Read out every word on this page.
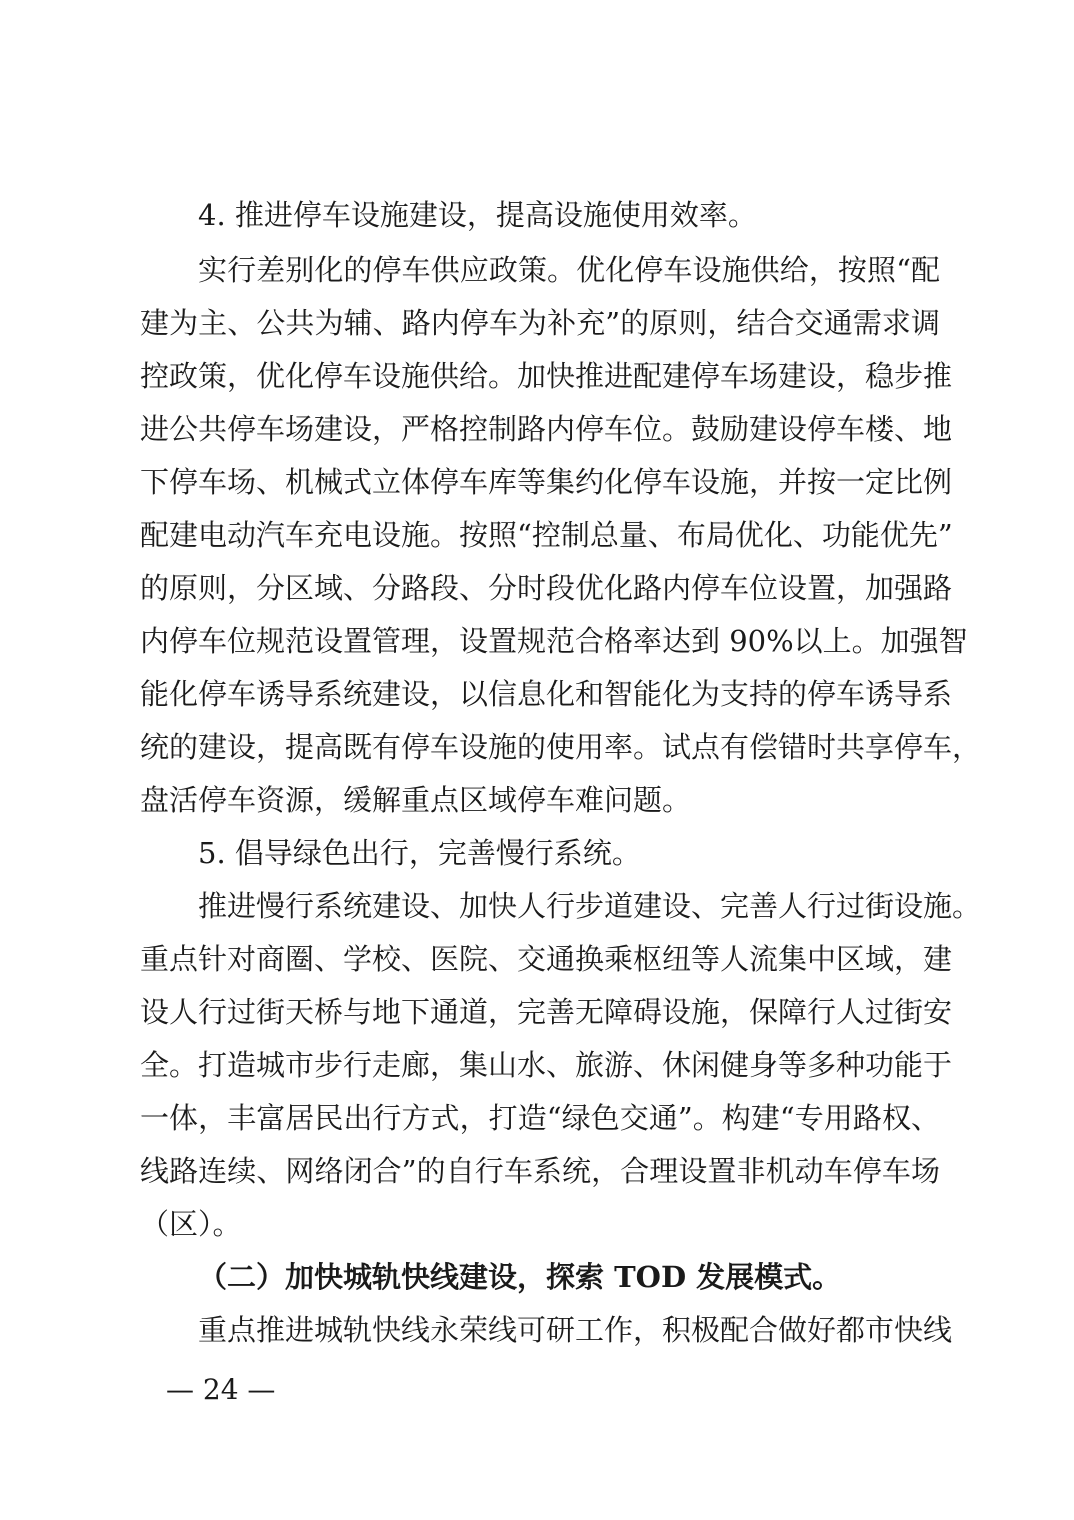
4. 推进停车设施建设，提高设施使用效率。
实行差别化的停车供应政策。优化停车设施供给，按照“配
建为主、公共为辅、路内停车为补充”的原则，结合交通需求调
控政策，优化停车设施供给。加快推进配建停车场建设，稳步推
进公共停车场建设，严格控制路内停车位。鼓励建设停车楼、地
下停车场、机械式立体停车库等集约化停车设施，并按一定比例
配建电动汽车充电设施。按照“控制总量、布局优化、功能优先”
的原则，分区域、分路段、分时段优化路内停车位设置，加强路
内停车位规范设置管理，设置规范合格率达到 90%以上。加强智
能化停车诱导系统建设，以信息化和智能化为支持的停车诱导系
统的建设，提高既有停车设施的使用率。试点有偿错时共享停车，
盘活停车资源，缓解重点区域停车难问题。
5. 倡导绿色出行，完善慢行系统。
推进慢行系统建设、加快人行步道建设、完善人行过街设施。
重点针对商圈、学校、医院、交通换乘枢纽等人流集中区域，建
设人行过街天桥与地下通道，完善无障碍设施，保障行人过街安
全。打造城市步行走廊，集山水、旅游、休闲健身等多种功能于
一体，丰富居民出行方式，打造“绿色交通”。构建“专用路权、
线路连续、网络闭合”的自行车系统，合理设置非机动车停车场
（区）。
（二）加快城轨快线建设，探索 TOD 发展模式。
重点推进城轨快线永荣线可研工作，积极配合做好都市快线
— 24 —
